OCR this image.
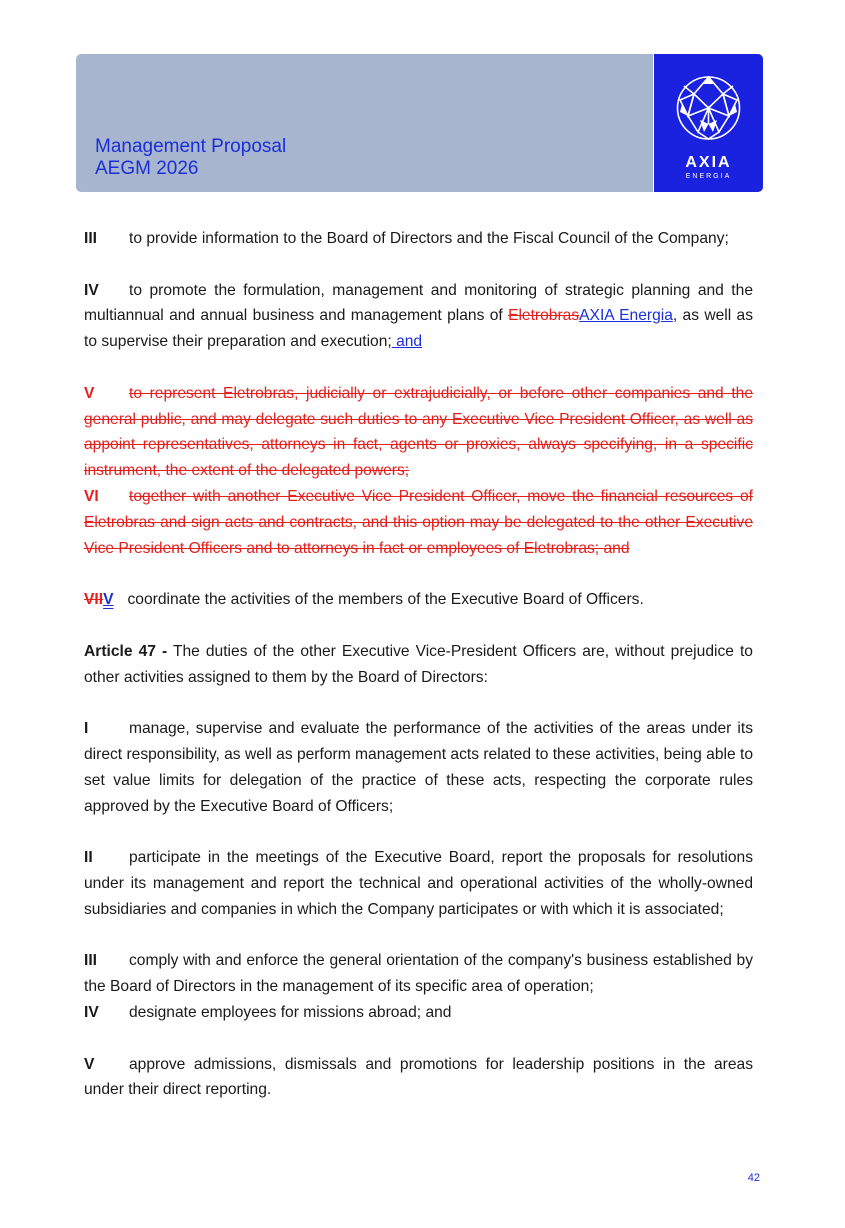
Management Proposal
AEGM 2026	AXIA
ENERGIA

III to provide information to the Board of Directors and the Fiscal Council of the Company;

IV to promote the formulation, management and monitoring of strategic planning and the multiannual and annual business and management plans of EletrobrasAXIA Energia, as well as to supervise their preparation and execution; and

V to represent Eletrobras, judicially or extrajudicially, or before other companies and the general public, and may delegate such duties to any Executive Vice President Officer, as well as appoint representatives, attorneys in fact, agents or proxies, always specifying, in a specific instrument, the extent of the delegated powers;

VI together with another Executive Vice President Officer, move the financial resources of Eletrobras and sign acts and contracts, and this option may be delegated to the other Executive Vice President Officers and to attorneys in fact or employees of Eletrobras; and

VIIV coordinate the activities of the members of the Executive Board of Officers.

Article 47 - The duties of the other Executive Vice-President Officers are, without prejudice to other activities assigned to them by the Board of Directors:

I	manage, supervise and evaluate the performance of the activities of the areas under its direct responsibility, as well as perform management acts related to these activities, being able to set value limits for delegation of the practice of these acts, respecting the corporate rules approved by the Executive Board of Officers;

II participate in the meetings of the Executive Board, report the proposals for resolutions under its management and report the technical and operational activities of the wholly-owned subsidiaries and companies in which the Company participates or with which it is associated;

III comply with and enforce the general orientation of the company's business established by the Board of Directors in the management of its specific area of operation;

IV designate employees for missions abroad; and

V approve admissions, dismissals and promotions for leadership positions in the areas under their direct reporting.

42
